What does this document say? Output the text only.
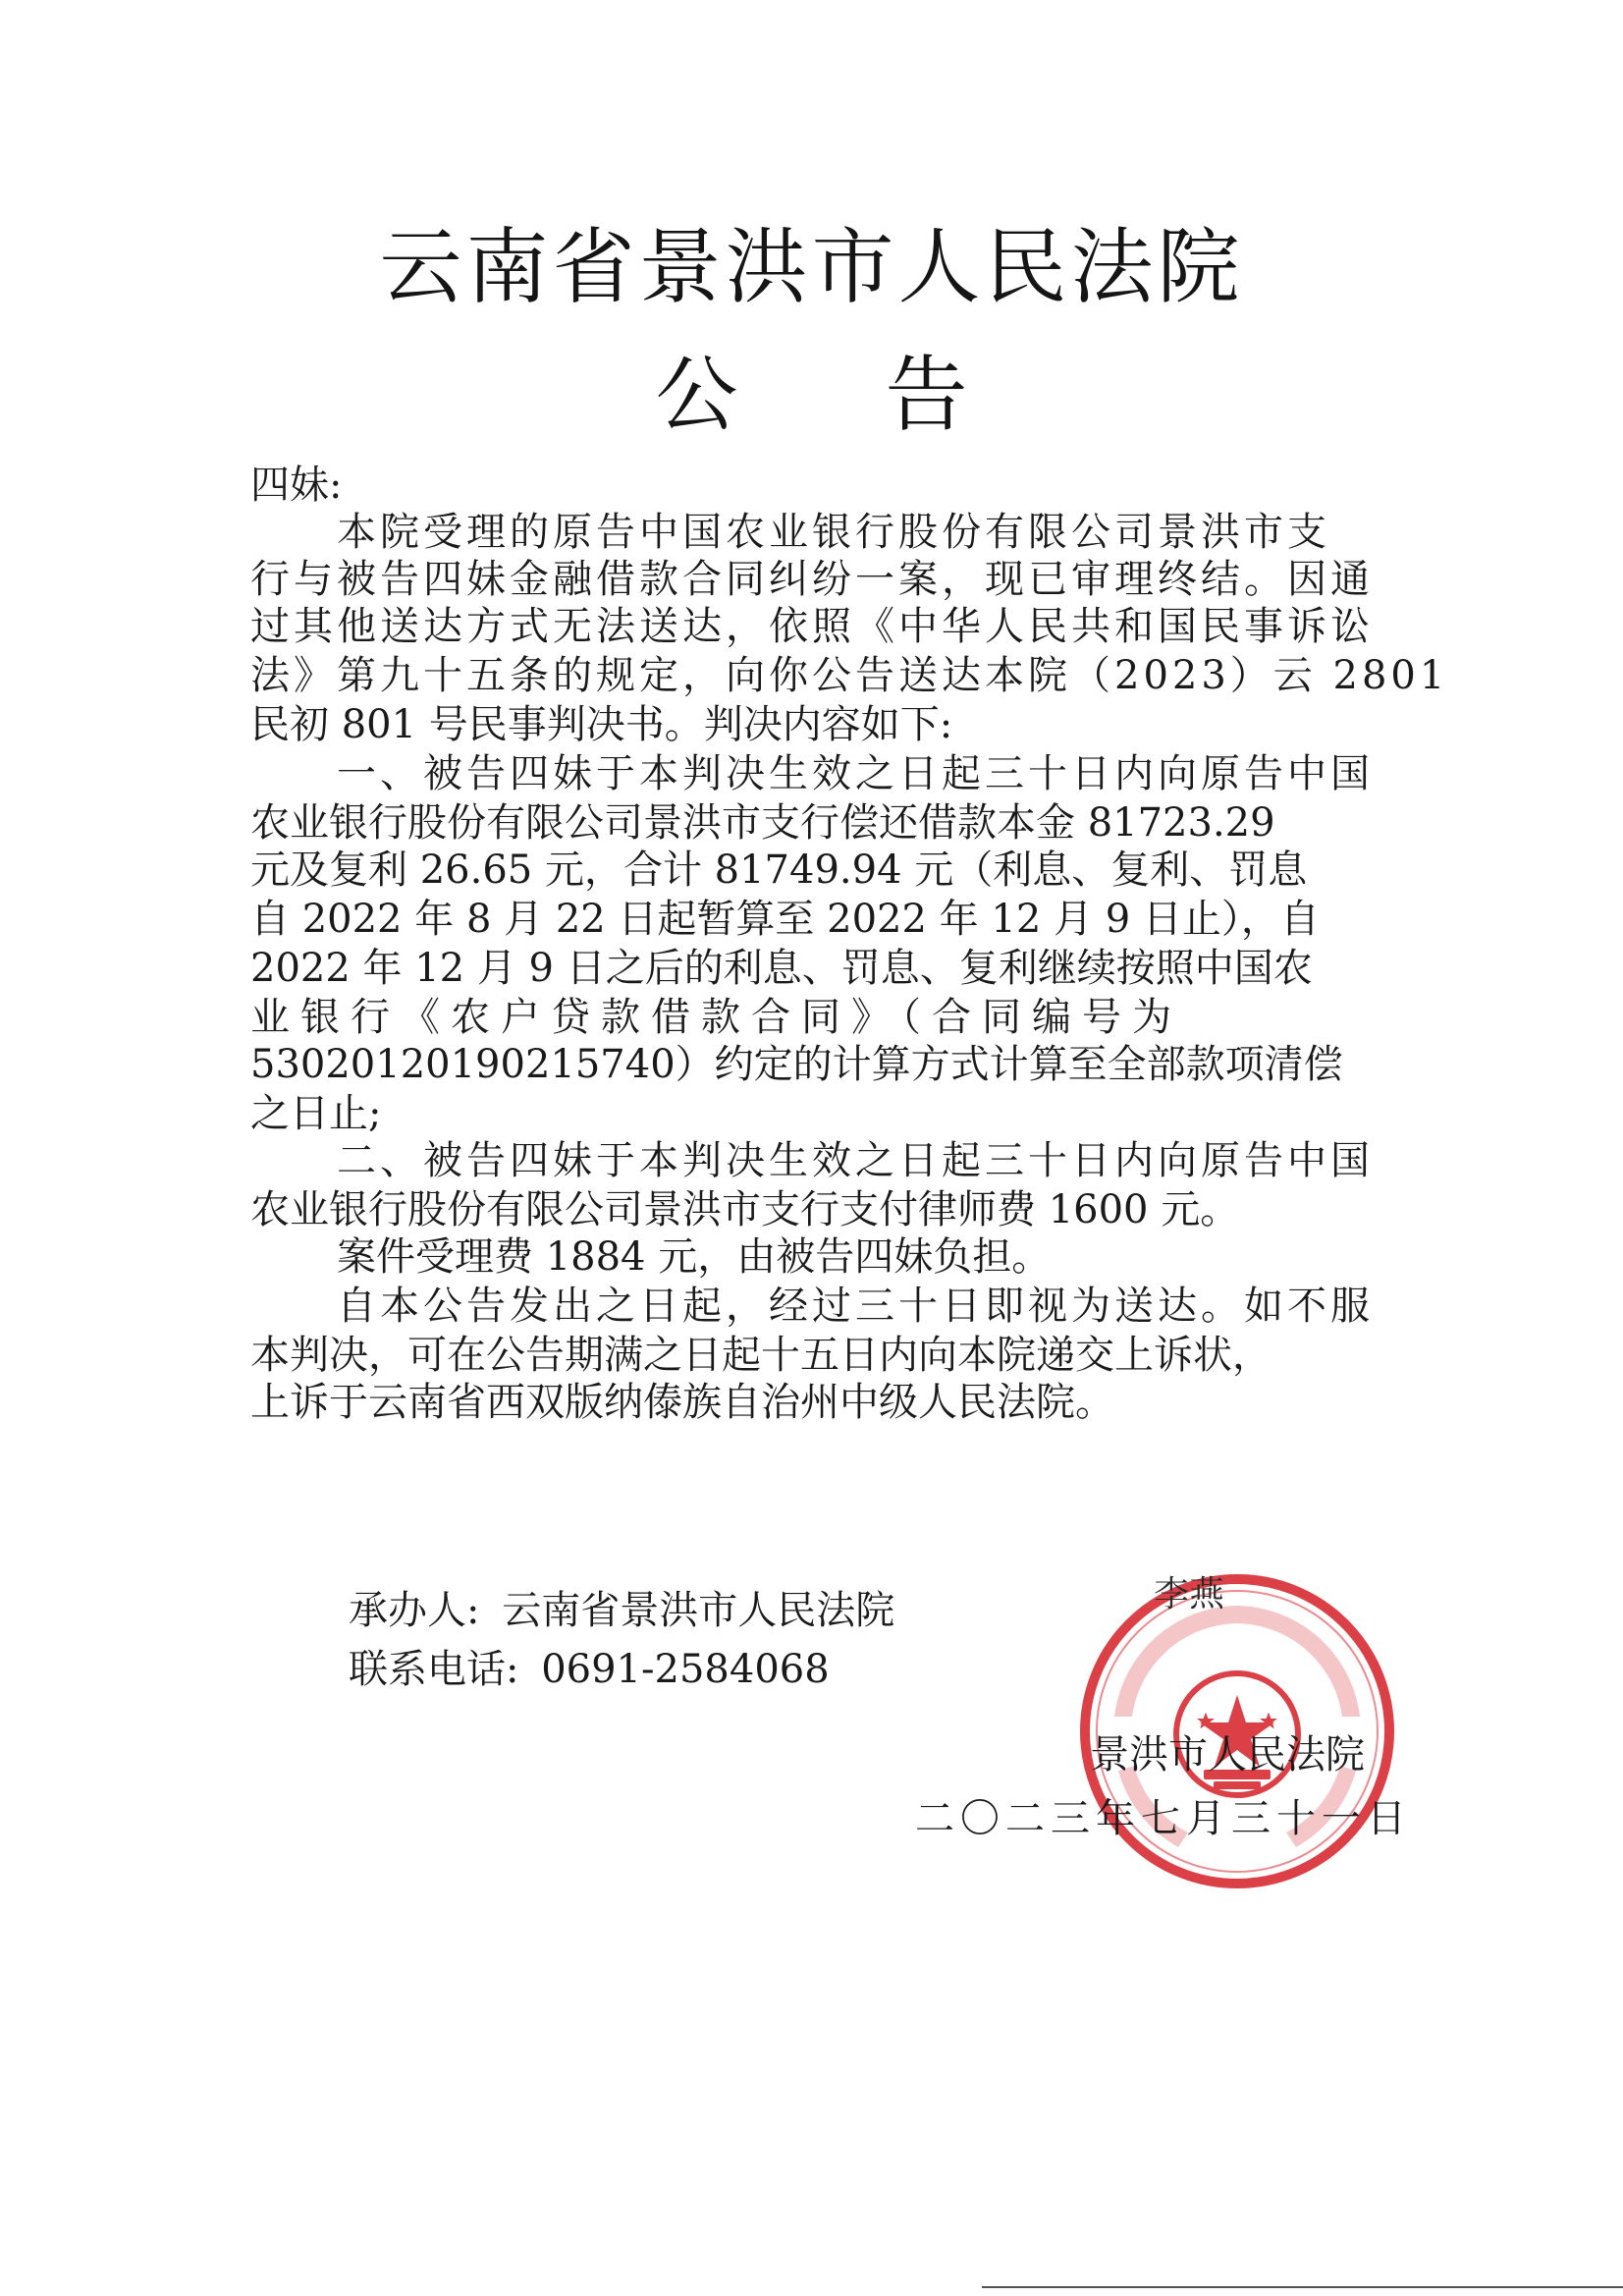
云南省景洪市人民法院
公告
四妹:
本院受理的原告中国农业银行股份有限公司景洪市支
行与被告四妹金融借款合同纠纷一案，现已审理终结。因通
过其他送达方式无法送达，依照《中华人民共和国民事诉讼
法》第九十五条的规定，向你公告送达本院（2023）云 2801
民初 801 号民事判决书。判决内容如下:
一、被告四妹于本判决生效之日起三十日内向原告中国
农业银行股份有限公司景洪市支行偿还借款本金 81723.29
元及复利 26.65 元，合计 81749.94 元（利息、复利、罚息
自 2022 年 8 月 22 日起暂算至 2022 年 12 月 9 日止），自
2022 年 12 月 9 日之后的利息、罚息、复利继续按照中国农
业银行《农户贷款借款合同》（合同编号为
53020120190215740）约定的计算方式计算至全部款项清偿
之日止;
二、被告四妹于本判决生效之日起三十日内向原告中国
农业银行股份有限公司景洪市支行支付律师费 1600 元。
案件受理费 1884 元，由被告四妹负担。
自本公告发出之日起，经过三十日即视为送达。如不服
本判决，可在公告期满之日起十五日内向本院递交上诉状，
上诉于云南省西双版纳傣族自治州中级人民法院。
承办人: 云南省景洪市人民法院
联系电话: 0691-2584068
李燕
景洪市人民法院
二〇二三年七月三十一日
